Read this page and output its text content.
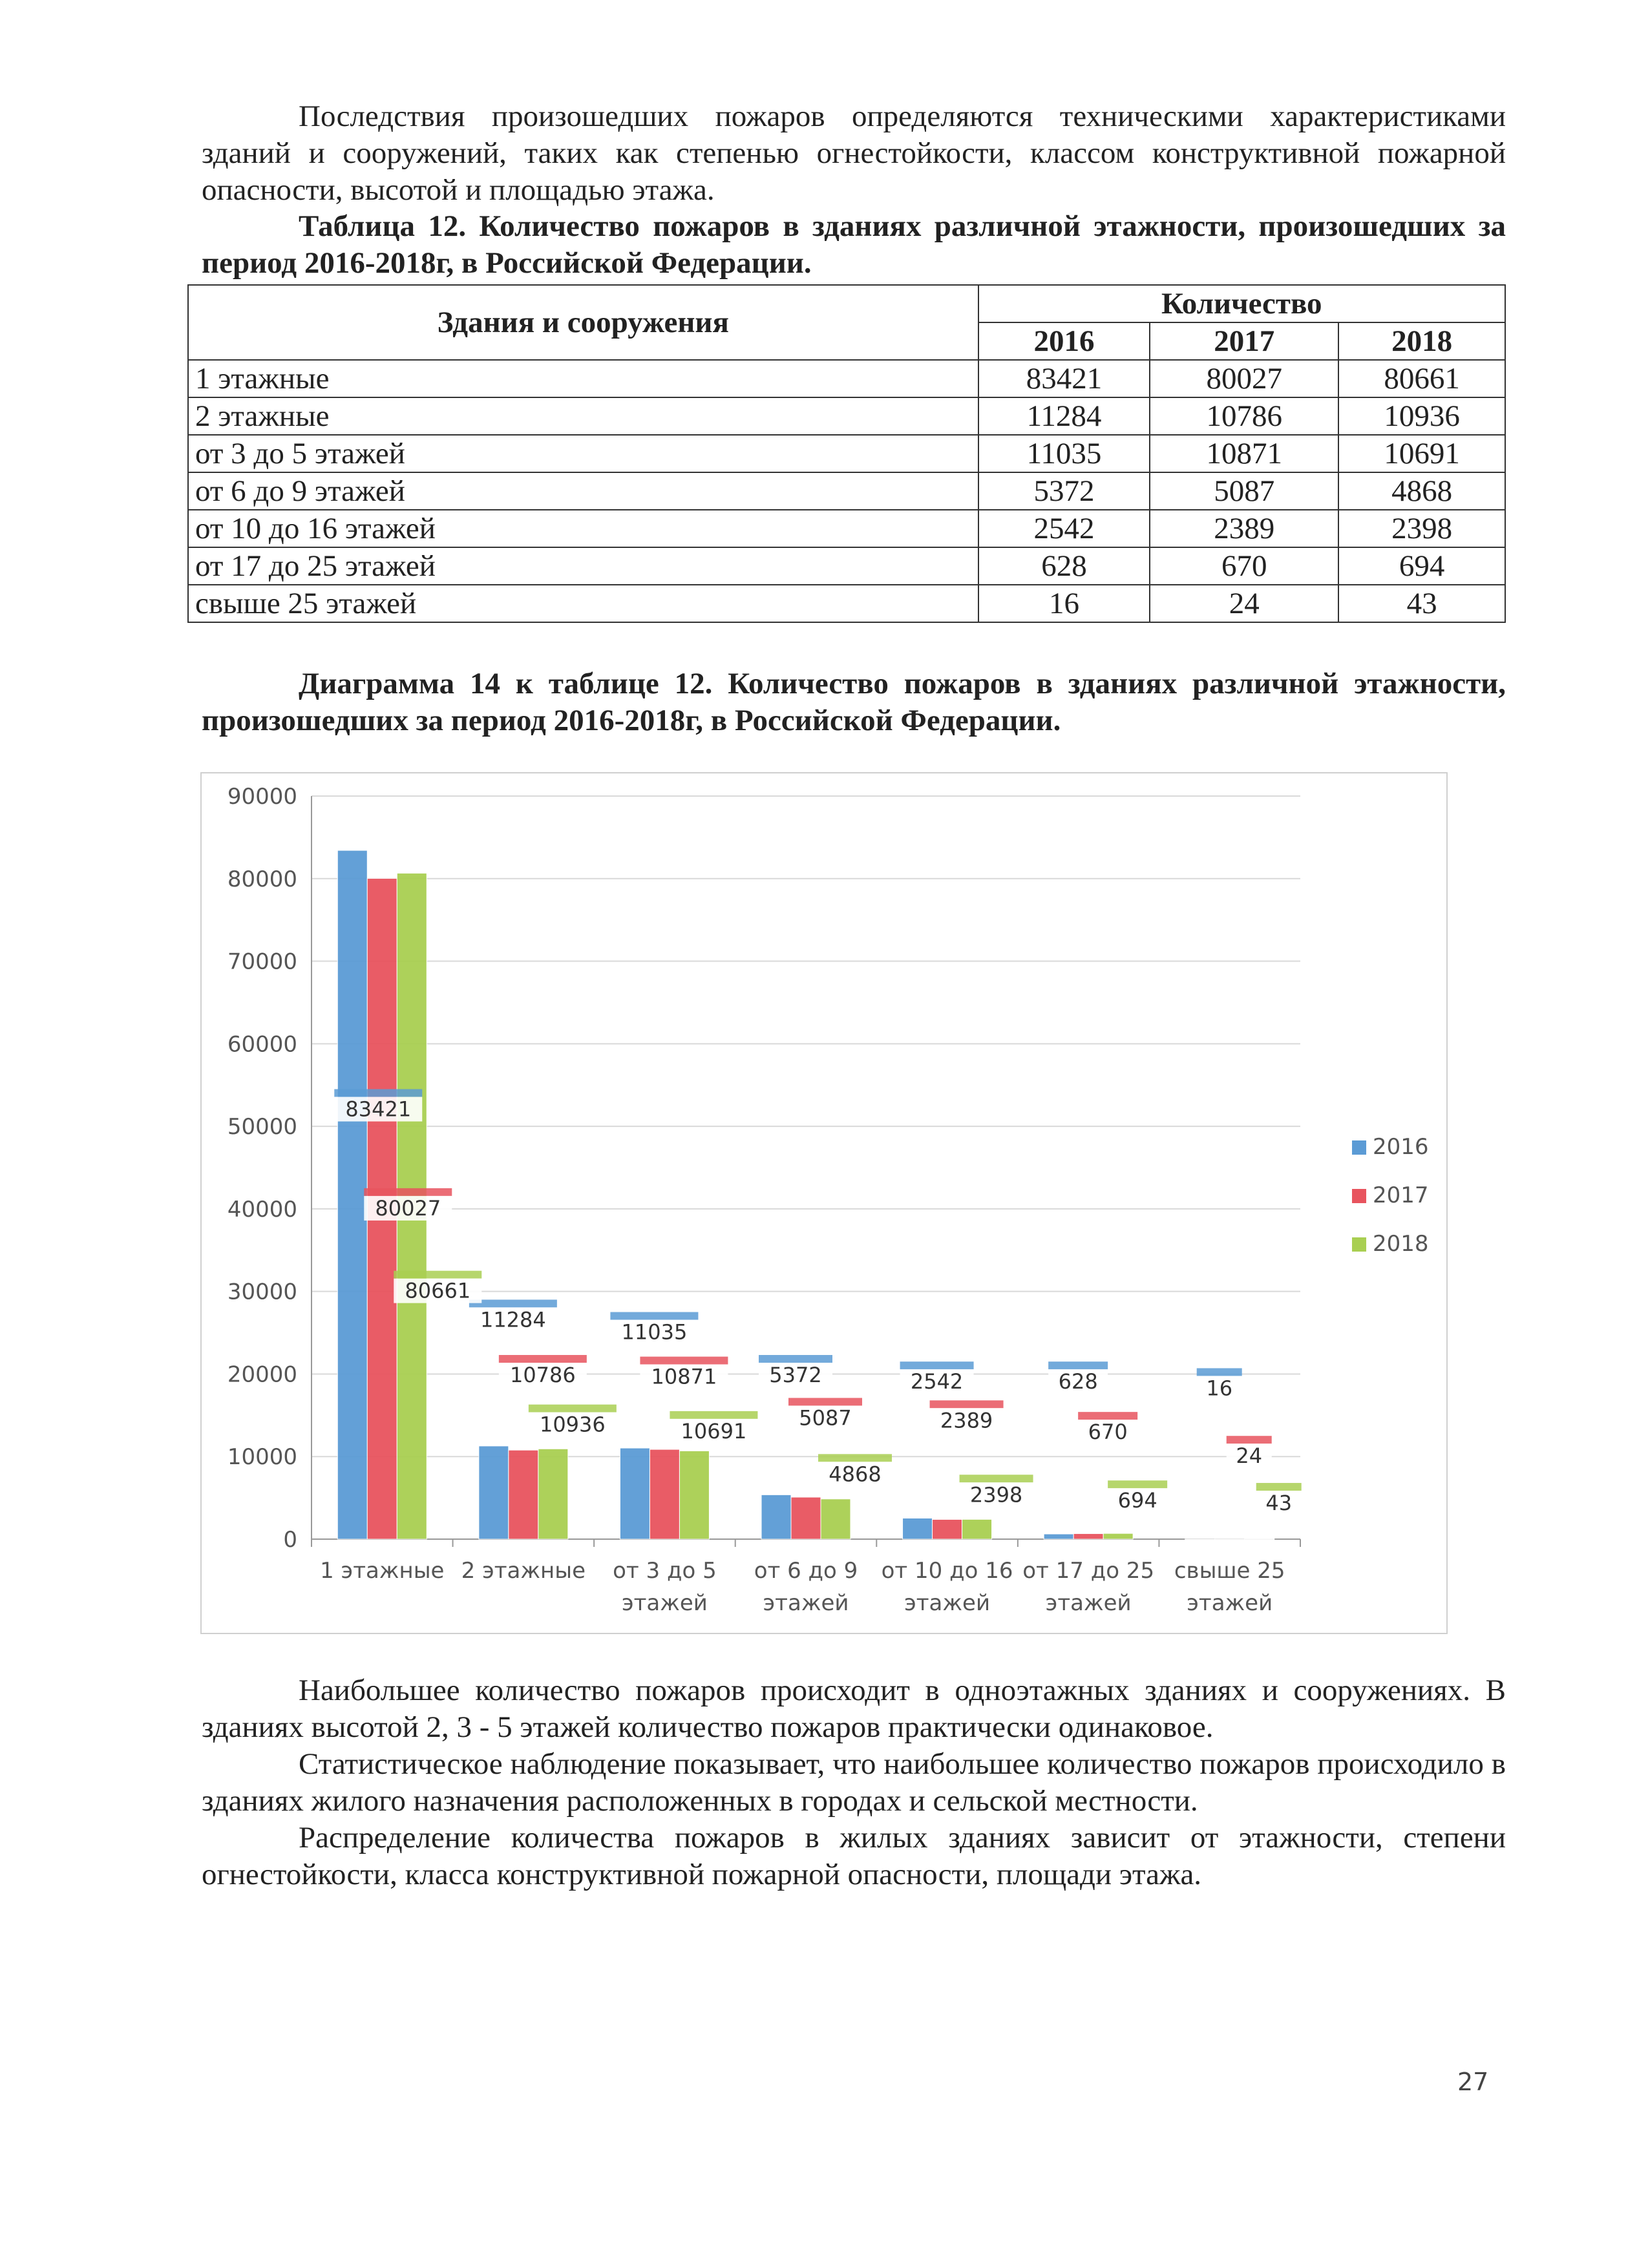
Последствия произошедших пожаров определяются техническими характеристиками зданий и сооружений, таких как степенью огнестойкости, классом конструктивной пожарной опасности, высотой и площадью этажа.

Таблица 12. Количество пожаров в зданиях различной этажности, произошедших за период 2016-2018г, в Российской Федерации.

Здания и сооружения	Количество		
	2016	2017	2018
1 этажные	83421	80027	80661
2 этажные	11284	10786	10936
от 3 до 5 этажей	11035	10871	10691
от 6 до 9 этажей	5372	5087	4868
от 10 до 16 этажей	2542	2389	2398
от 17 до 25 этажей	628	670	694
свыше 25 этажей	16	24	43

Диаграмма 14 к таблице 12. Количество пожаров в зданиях различной этажности, произошедших за период 2016-2018г, в Российской Федерации.

0
10000
20000
30000
40000
50000
60000
70000
80000
90000
83421
11284
11035
5372	2542	628	16
80027
10786	10871
5087	2389	670
24
80661
10936	10691
4868
2398	694	43
1 этажные 2 этажные от 3 до 5
этажей
от 6 до 9
этажей
от 10 до 16
этажей
от 17 до 25
этажей
свыше 25
этажей
2016
2017
2018

Наибольшее количество пожаров происходит в одноэтажных зданиях и сооружениях. В зданиях высотой 2, 3 - 5 этажей количество пожаров практически одинаковое.

Статистическое наблюдение показывает, что наибольшее количество пожаров происходило в зданиях жилого назначения расположенных в городах и сельской местности.

Распределение количества пожаров в жилых зданиях зависит от этажности, степени огнестойкости, класса конструктивной пожарной опасности, площади этажа.

27
